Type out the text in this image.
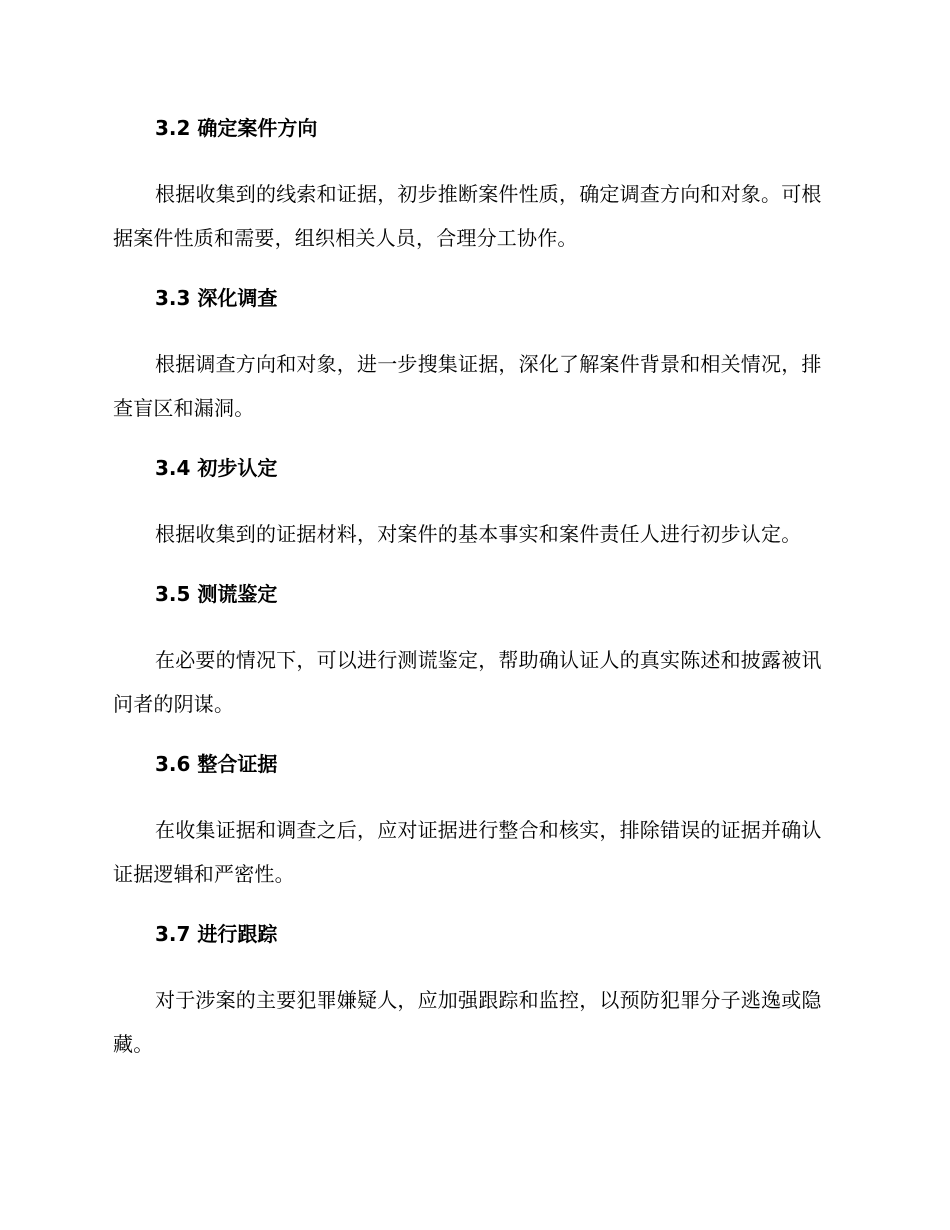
3.2 确定案件方向
根据收集到的线索和证据，初步推断案件性质，确定调查方向和对象。可根据案件性质和需要，组织相关人员，合理分工协作。
3.3 深化调查
根据调查方向和对象，进一步搜集证据，深化了解案件背景和相关情况，排查盲区和漏洞。
3.4 初步认定
根据收集到的证据材料，对案件的基本事实和案件责任人进行初步认定。
3.5 测谎鉴定
在必要的情况下，可以进行测谎鉴定，帮助确认证人的真实陈述和披露被讯问者的阴谋。
3.6 整合证据
在收集证据和调查之后，应对证据进行整合和核实，排除错误的证据并确认证据逻辑和严密性。
3.7 进行跟踪
对于涉案的主要犯罪嫌疑人，应加强跟踪和监控，以预防犯罪分子逃逸或隐藏。
